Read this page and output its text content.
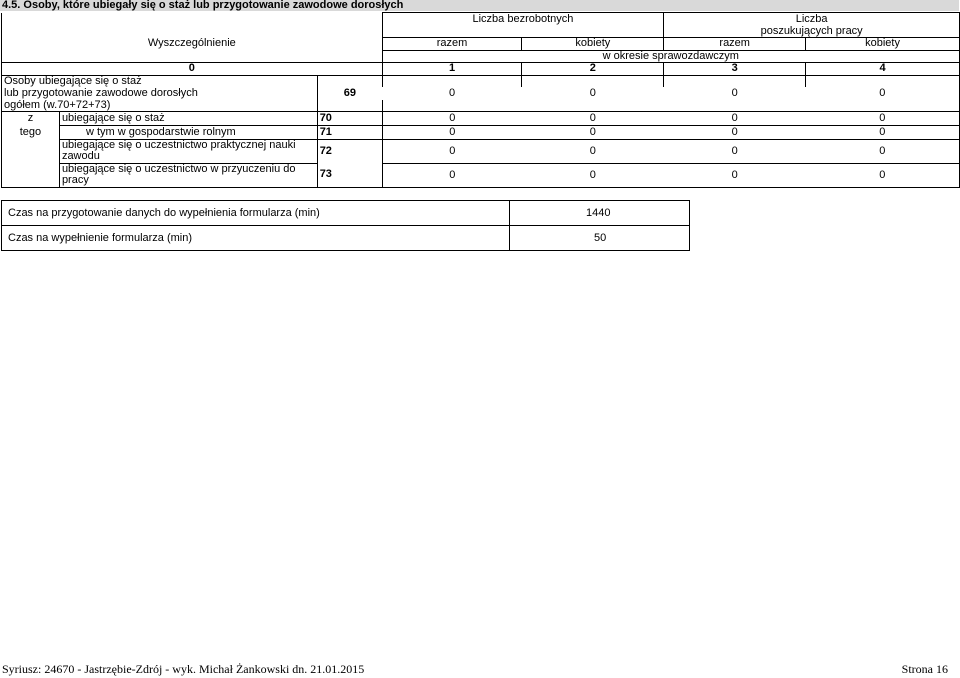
4.5. Osoby, które ubiegały się o staż lub przygotowanie zawodowe dorosłych
			Liczba bezrobotnych		Liczba	
					poszukujących pracy	
Wyszczególnienie			razem	kobiety	razem	kobiety
			w okresie sprawozdawczym			
0			1	2	3	4
Osoby ubiegające się o staż						
lub przygotowanie zawodowe dorosłych		69	0	0	0	0
ogółem (w.70+72+73)						
z	ubiegające się o staż	70	0	0	0	0
tego	w tym w gospodarstwie rolnym	71	0	0	0	0
	ubiegające się o uczestnictwo praktycznej nauki	72	0	0	0	0
	zawodu					
	ubiegające się o uczestnictwo w przyuczeniu do	73	0	0	0	0
	pracy					
Czas na przygotowanie danych do wypełnienia formularza (min)	1440
Czas na wypełnienie formularza (min)	50
Syriusz: 24670 - Jastrzębie-Zdrój - wyk. Michał Żankowski dn. 21.01.2015	Strona 16
